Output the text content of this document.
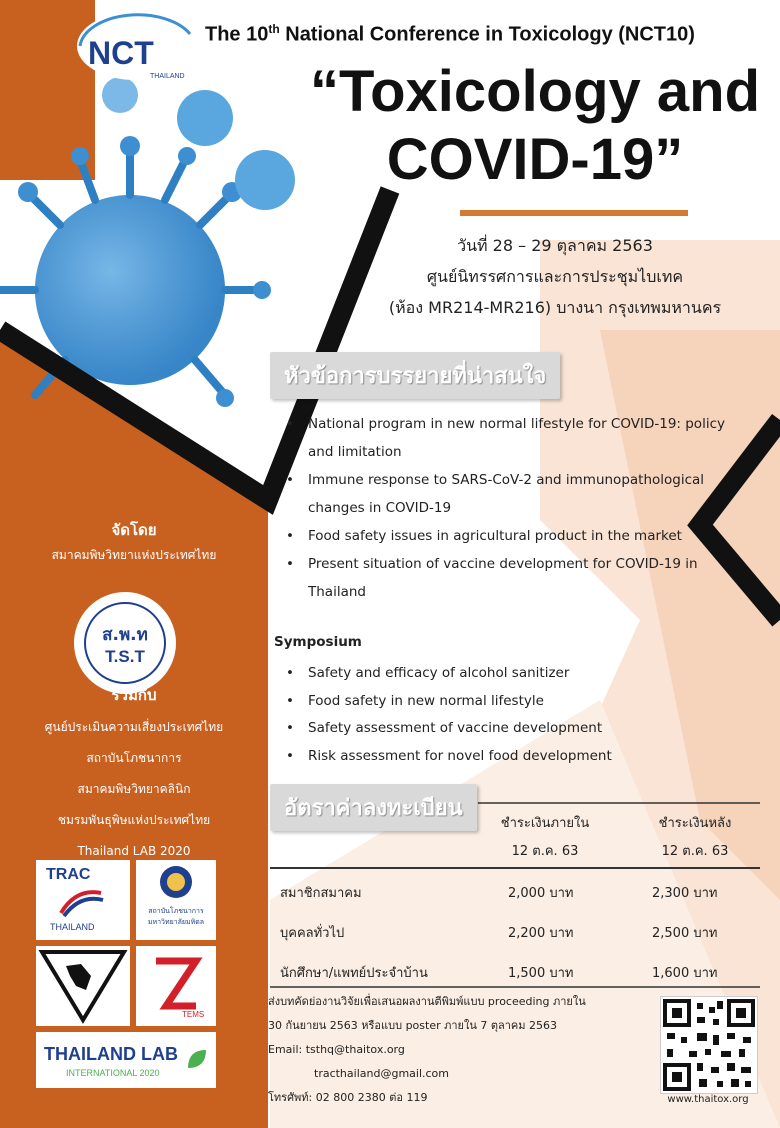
NCT
THAILAND
The 10th National Conference in Toxicology (NCT10)
“Toxicology and
COVID-19”
วันที่ 28 – 29 ตุลาคม 2563
ศูนย์นิทรรศการและการประชุมไบเทค
(ห้อง MR214-MR216) บางนา กรุงเทพมหานคร
หัวข้อการบรรยายที่น่าสนใจ
• National program in new normal lifestyle for COVID-19: policy and limitation
• Immune response to SARS-CoV-2 and immunopathological changes in COVID-19
• Food safety issues in agricultural product in the market
• Present situation of vaccine development for COVID-19 in Thailand
Symposium
• Safety and efficacy of alcohol sanitizer
• Food safety in new normal lifestyle
• Safety assessment of vaccine development
• Risk assessment for novel food development
อัตราค่าลงทะเบียน
ชำระเงินภายใน
12 ต.ค. 63
ชำระเงินหลัง
12 ต.ค. 63
สมาชิกสมาคม	2,000 บาท	2,300 บาท
บุคคลทั่วไป	2,200 บาท	2,500 บาท
นักศึกษา/แพทย์ประจำบ้าน	1,500 บาท	1,600 บาท
ส่งบทคัดย่องานวิจัยเพื่อเสนอผลงานตีพิมพ์แบบ proceeding ภายใน
30 กันยายน 2563 หรือแบบ poster ภายใน 7 ตุลาคม 2563
Email: tsthq@thaitox.org
tracthailand@gmail.com
โทรศัพท์: 02 800 2380 ต่อ 119	www.thaitox.org
จัดโดย
สมาคมพิษวิทยาแห่งประเทศไทย
ส.พ.ท
T.S.T
ร่วมกับ
ศูนย์ประเมินความเสี่ยงประเทศไทย
สถาบันโภชนาการ
สมาคมพิษวิทยาคลินิก
ชมรมพันธุพิษแห่งประเทศไทย
Thailand LAB 2020
TRAC
THAILAND
สถาบันโภชนาการ
มหาวิทยาลัยมหิดล
TEMS
THAILAND LAB
INTERNATIONAL 2020
